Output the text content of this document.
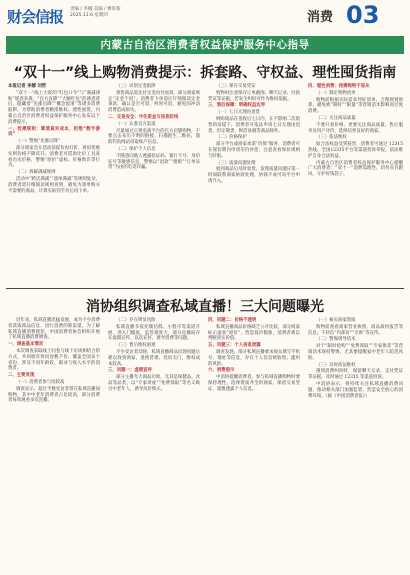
财会信报 责编 / 李娜 美编 / 曹旺新
2025.11.6 星期四	消费 03
内蒙古自治区消费者权益保护服务中心指导
“双十一”线上购物消费提示：拆套路、守权益、理性囤货指南

本报记者 李娜 刘哲

“双十一”线上大促的“红包口令”与“满减津贴”迷惑来袭，“官方直降”“大额红包”的诱惑背后，隐藏着“先涨后降”“概念混淆”等诸多消费陷阱。为帮助消费者精准维权、理性囤货，内蒙古自治区消费者权益保护服务中心发布以下消费提示。

一、优惠规则：算清真实成本，拒绝“数字游戏”

（一）警惕“先涨后降”

部分商家会在活动前提价再打折，看似优惠实则价格不降反升。消费者可借助比价工具查看历史价格，警惕“原价”虚标、价格欺诈等行为。

（二）拆解满减规则

活动中“跨店满减”“凑单满减”等规则复杂，消费者需仔细阅读规则说明，避免为凑单购买不需要的商品，计算实际到手价后再下单。

（三）识别定金陷阱

预售商品需先付定金再付尾款，部分商家规定“定金不退”。消费者下单前应仔细阅读定金条款，确认是否可退、何时可退，避免因冲动消费造成损失。

二、交易安全：守住资金与信息防线

（一）认准官方渠道

尽量通过正规电商平台的官方店铺购物，不要点击来历不明的链接、扫描陌生二维码，谨防钓鱼网站窃取账户信息。

（二）保护个人信息

不随意向他人透露验证码、银行卡号、身份证号等敏感信息，警惕以“退款”“理赔”“订单异常”为由的电话诈骗。

（三）保存交易凭证

购物时注意保存订单截图、聊天记录、付款凭证等证据，若发生纠纷可作为维权依据。

三、售后保障：明确权益边界

（一）七日无理由退货

网购商品在签收后七日内，在不影响二次销售的前提下，消费者可依法申请七日无理由退货，但定制类、鲜活易腐等商品除外。

（二）价格保护

部分平台或商家承诺“价保”服务，消费者可在保价期内申请差价补偿，注意查看保价规则与时限。

（三）质量问题处理

收到商品后及时验货，发现质量问题应第一时间联系商家协商处理，协商不成可向平台申请介入。

四、理性消费：按需购物不盲从

（一）制定购物清单

购物前根据实际需求列好清单，合理规划预算，避免被“限时”“限量”等营销话术影响而过度消费。

（二）关注商品质量

不要只看价格，更要关注商品质量、售后服务及用户评价，选择信誉良好的商家。

（三）依法维权

如合法权益受到侵害，消费者可通过 12315 热线、全国12315平台等渠道投诉举报，依法维护自身合法权益。

内蒙古自治区消费者权益保护服务中心提醒广大消费者：“双十一”消费需理性，切勿盲目跟风，守护好钱袋子。

消协组织调查私域直播！三大问题曝光

近年来，私域直播迅猛发展，成为不少消费者获取商品信息、进行消费的新渠道。为了解私域直播消费现状，中国消费者协会组织开展了私域直播消费调查。

一、调查基本情况

本次调查采取线上问卷与线下访谈相结合的方式，共回收有效问卷数千份，覆盖全国多个省份，涉及不同年龄段、职业与收入水平的消费者。

二、主要发现

（一）消费者参与度较高

调查显示，超过半数受访者曾在私域直播间购物，其中中老年消费者占比较高，部分消费者每周观看多次直播。

（二）存在明显风险

私域直播多依托微信群、小程序等渠道开展，进入门槛低、监管难度大，部分直播间存在虚假宣传、以次充好、诱导消费等问题。

（三）售后维权困难

不少受访者反映，私域直播商品出现问题后难以找到商家，退换货难、投诉无门，维权成本较高。

三、问题一：虚假宣传

部分主播夸大商品功效，尤其是保健品、食品等品类，以“专家讲座”“免费领取”等名义吸引中老年人，诱导高价购买。

四、问题二：价格不透明

私域直播商品价格缺乏公开比较，部分商家标示虚高“原价”，营造低价假象，消费者难以判断真实价值。

五、问题三：个人信息泄露

调查发现，部分私域直播要求观众填写手机号、地址等信息，存在个人信息被收集、滥用的风险。

六、消费提示

中消协提醒消费者，参与私域直播购物时要保持理性，选择资质齐全的商家，保留交易凭证，谨慎透露个人信息。

（一）核实商家资质

购物前查看商家营业执照、商品质检报告等信息，不轻信“内部价”“专供”等宣传。

（二）警惕诱导话术

对于“限时抢购”“免费领取”“专家推荐”等营销话术保持警惕，尤其要提醒家中老年人防范风险。

（三）及时依法维权

遇到消费纠纷时，保留聊天记录、支付凭证等证据，及时通过 12315 等渠道投诉。

中消协表示，将持续关注私域直播消费问题，推动相关部门加强监管，营造安全放心的消费环境。（据《中国消费者报》）
